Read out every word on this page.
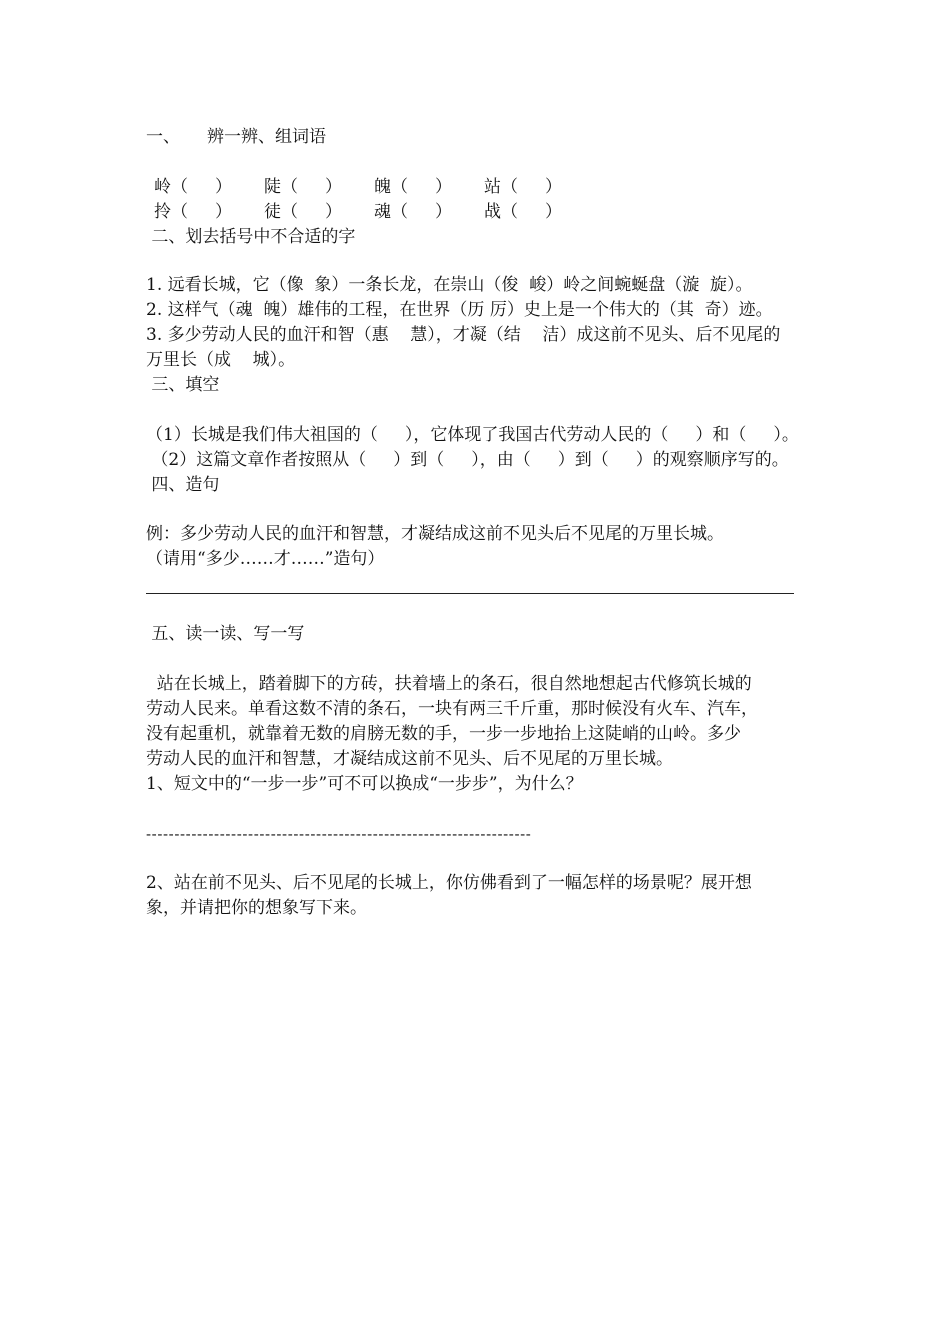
一、     辨一辨、组词语
岭（     ） 陡（     ） 魄（     ） 站（     ）
拎（     ） 徒（     ） 魂（     ） 战（     ）
二、划去括号中不合适的字
1. 远看长城，它（像  象）一条长龙，在崇山（俊  峻）岭之间蜿蜒盘（漩  旋）。
2. 这样气（魂  魄）雄伟的工程，在世界（历 厉）史上是一个伟大的（其  奇）迹。
3. 多少劳动人民的血汗和智（惠    慧），才凝（结    洁）成这前不见头、后不见尾的
万里长（成    城）。
三、填空
（1）长城是我们伟大祖国的（     ），它体现了我国古代劳动人民的（     ）和（     ）。
（2）这篇文章作者按照从（     ）到（     ），由（     ）到（     ）的观察顺序写的。
四、造句
例：多少劳动人民的血汗和智慧，才凝结成这前不见头后不见尾的万里长城。
（请用“多少……才……”造句）
五、读一读、写一写
站在长城上，踏着脚下的方砖，扶着墙上的条石，很自然地想起古代修筑长城的
劳动人民来。单看这数不清的条石，一块有两三千斤重，那时候没有火车、汽车，
没有起重机，就靠着无数的肩膀无数的手，一步一步地抬上这陡峭的山岭。多少
劳动人民的血汗和智慧，才凝结成这前不见头、后不见尾的万里长城。
1、短文中的“一步一步”可不可以换成“一步步”，为什么？
--------------------------------------------------------------------
2、站在前不见头、后不见尾的长城上，你仿佛看到了一幅怎样的场景呢？展开想
象，并请把你的想象写下来。
